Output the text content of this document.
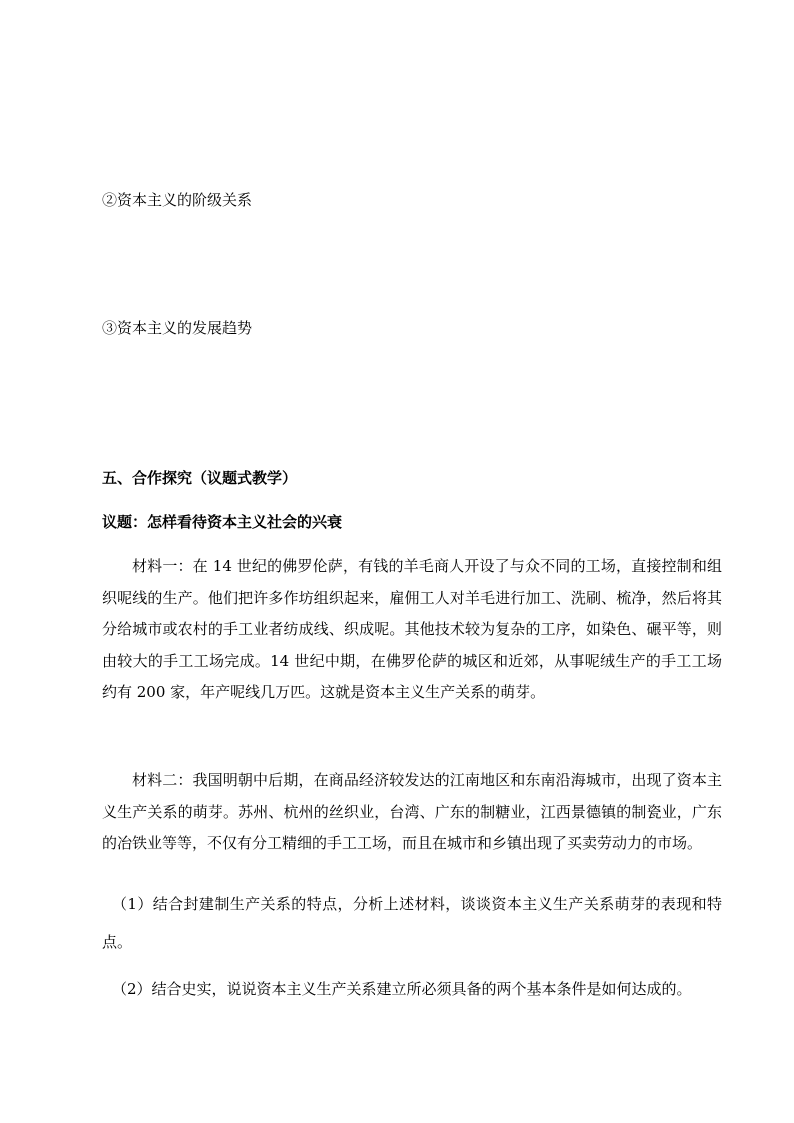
②资本主义的阶级关系
③资本主义的发展趋势
五、合作探究（议题式教学）
议题：怎样看待资本主义社会的兴衰

材料一：在 14 世纪的佛罗伦萨，有钱的羊毛商人开设了与众不同的工场，直接控制和组织呢线的生产。他们把许多作坊组织起来，雇佣工人对羊毛进行加工、洗刷、梳净，然后将其分给城市或农村的手工业者纺成线、织成呢。其他技术较为复杂的工序，如染色、碾平等，则由较大的手工工场完成。14 世纪中期，在佛罗伦萨的城区和近郊，从事呢绒生产的手工工场约有 200 家，年产呢线几万匹。这就是资本主义生产关系的萌芽。

材料二：我国明朝中后期，在商品经济较发达的江南地区和东南沿海城市，出现了资本主义生产关系的萌芽。苏州、杭州的丝织业，台湾、广东的制糖业，江西景德镇的制瓷业，广东的冶铁业等等，不仅有分工精细的手工工场，而且在城市和乡镇出现了买卖劳动力的市场。

（1）结合封建制生产关系的特点，分析上述材料，谈谈资本主义生产关系萌芽的表现和特点。

（2）结合史实，说说资本主义生产关系建立所必须具备的两个基本条件是如何达成的。
